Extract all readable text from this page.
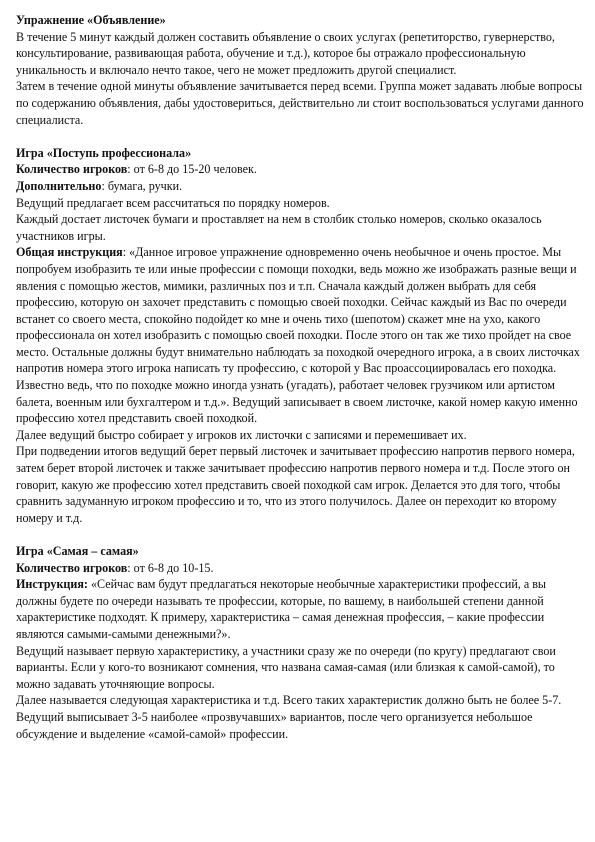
Упражнение «Объявление»

В течение 5 минут каждый должен составить объявление о своих услугах (репетиторство, гувернерство, консультирование, развивающая работа, обучение и т.д.), которое бы отражало профессиональную уникальность и включало нечто такое, чего не может предложить другой специалист.

Затем в течение одной минуты объявление зачитывается перед всеми. Группа может задавать любые вопросы по содержанию объявления, дабы удостовериться, действительно ли стоит воспользоваться услугами данного специалиста.

Игра «Поступь профессионала»

Количество игроков: от 6-8 до 15-20 человек.

Дополнительно: бумага, ручки.

Ведущий предлагает всем рассчитаться по порядку номеров.

Каждый достает листочек бумаги и проставляет на нем в столбик столько номеров, сколько оказалось участников игры.

Общая инструкция: «Данное игровое упражнение одновременно очень необычное и очень простое. Мы попробуем изобразить те или иные профессии с помощи походки, ведь можно же изображать разные вещи и явления с помощью жестов, мимики, различных поз и т.п. Сначала каждый должен выбрать для себя профессию, которую он захочет представить с помощью своей походки. Сейчас каждый из Вас по очереди встанет со своего места, спокойно подойдет ко мне и очень тихо (шепотом) скажет мне на ухо, какого профессионала он хотел изобразить с помощью своей походки. После этого он так же тихо пройдет на свое место. Остальные должны будут внимательно наблюдать за походкой очередного игрока, а в своих листочках напротив номера этого игрока написать ту профессию, с которой у Вас проассоциировалась его походка. Известно ведь, что по походке можно иногда узнать (угадать), работает человек грузчиком или артистом балета, военным или бухгалтером и т.д.». Ведущий записывает в своем листочке, какой номер какую именно профессию хотел представить своей походкой.

Далее ведущий быстро собирает у игроков их листочки с записями и перемешивает их.

При подведении итогов ведущий берет первый листочек и зачитывает профессию напротив первого номера, затем берет второй листочек и также зачитывает профессию напротив первого номера и т.д. После этого он говорит, какую же профессию хотел представить своей походкой сам игрок. Делается это для того, чтобы сравнить задуманную игроком профессию и то, что из этого получилось. Далее он переходит ко второму номеру и т.д.

Игра «Самая – самая»

Количество игроков: от 6-8 до 10-15.

Инструкция: «Сейчас вам будут предлагаться некоторые необычные характеристики профессий, а вы должны будете по очереди называть те профессии, которые, по вашему, в наибольшей степени данной характеристике подходят. К примеру, характеристика – самая денежная профессия, – какие профессии являются самыми-самыми денежными?».

Ведущий называет первую характеристику, а участники сразу же по очереди (по кругу) предлагают свои варианты. Если у кого-то возникают сомнения, что названа самая-самая (или близкая к самой-самой), то можно задавать уточняющие вопросы.

Далее называется следующая характеристика и т.д. Всего таких характеристик должно быть не более 5-7.

Ведущий выписывает 3-5 наиболее «прозвучавших» вариантов, после чего организуется небольшое обсуждение и выделение «самой-самой» профессии.
